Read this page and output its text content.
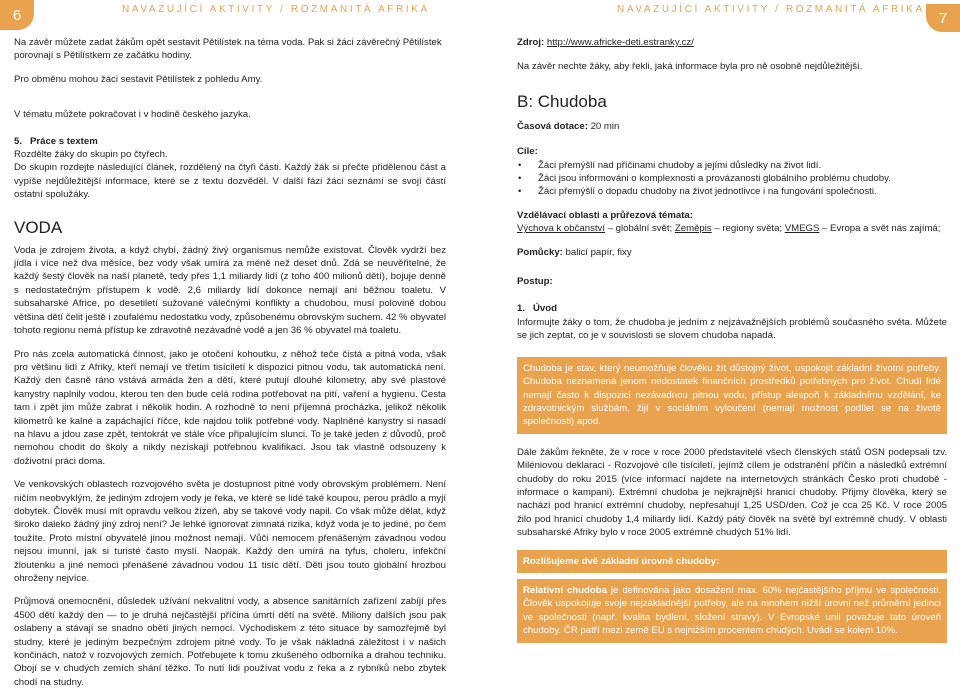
6	NAVAZUJÍCÍ AKTIVITY / ROZMANITÁ AFRIKA	NAVAZUJÍCÍ AKTIVITY / ROZMANITÁ AFRIKA 7
Na závěr můžete zadat žákům opět sestavit Pětilístek na téma voda. Pak si žáci závěrečný Pětilístek porovnají s Pětilístkem ze začátku hodiny.
Pro obměnu mohou žáci sestavit Pětilístek z pohledu Amy.
V tématu můžete pokračovat i v hodině českého jazyka.
5.   Práce s textem
Rozdělte žáky do skupin po čtyřech.
Do skupin rozdejte následující článek, rozdělený na čtyři části. Každý žák si přečte přidělenou část a vypíše nejdůležitější informace, které se z textu dozvěděl. V další fázi žáci seznámí se svojí částí ostatní spolužáky.
VODA
Voda je zdrojem života, a když chybí, žádný živý organismus nemůže existovat. Člověk vydrží bez jídla i více než dva měsíce, bez vody však umírá za méně než deset dnů. Zdá se neuvěřitelné, že každý šestý člověk na naší planetě, tedy přes 1,1 miliardy lidí (z toho 400 milionů dětí), bojuje denně s nedostatečným přístupem k vodě. 2,6 miliardy lidí dokonce nemají ani běžnou toaletu. V subsaharské Africe, po desetiletí sužované válečnými konflikty a chudobou, musí polovině dobou většina dětí čelit ještě i zoufalému nedostatku vody, způsobenému obrovským suchem. 42 % obyvatel tohoto regionu nemá přístup ke zdravotně nezávadné vodě a jen 36 % obyvatel má toaletu.
Pro nás zcela automatická činnost, jako je otočení kohoutku, z něhož teče čistá a pitná voda, však pro většinu lidí z Afriky, kteří nemají ve třetím tisíciletí k dispozici pitnou vodu, tak automatická není. Každý den časně ráno vstává armáda žen a dětí, které putují dlouhé kilometry, aby své plastové kanystry naplnily vodou, kterou ten den bude celá rodina potřebovat na pití, vaření a hygienu. Cesta tam i zpět jim může zabrat i několik hodin. A rozhodně to není příjemná procházka, jelikož několik kilometrů ke kalné a zapáchající říčce, kde najdou tolik potřebné vody. Naplněné kanystry si nasadí na hlavu a jdou zase zpět, tentokrát ve stále více připalujícím slunci. To je také jeden z důvodů, proč nemohou chodit do školy a nikdy nezískají potřebnou kvalifikaci. Jsou tak vlastně odsouzeny k doživotní práci doma.
Ve venkovských oblastech rozvojového světa je dostupnost pitné vody obrovským problémem. Není ničím neobvyklým, že jediným zdrojem vody je řeka, ve které se lidé také koupou, perou prádlo a myjí dobytek. Člověk musí mít opravdu velkou žízeň, aby se takové vody napil. Co však může dělat, když široko daleko žádný jiný zdroj není? Je lehké ignorovat zimnatá rizika, když voda je to jediné, po čem toužíte. Proto místní obyvatelé jinou možnost nemají. Vůči nemocem přenášeným závadnou vodou nejsou imunní, jak si turisté často myslí. Naopak. Každý den umírá na tyfus, choleru, infekční žloutenku a jiné nemoci přenášené závadnou vodou 11 tisíc dětí. Děti jsou touto globální hrozbou ohroženy nejvíce.
Průjmová onemocnění, důsledek užívání nekvalitní vody, a absence sanitárních zařízení zabíjí přes 4500 dětí každý den — to je druhá nejčastější příčina úmrtí dětí na světě. Miliony dalších jsou pak oslabeny a stávají se snadno obětí jiných nemocí. Východiskem z této situace by samozřejmě byl studny, které je jediným bezpečným zdrojem pitné vody. To je však nákladná záležitost i v našich končinách, natož v rozvojových zemích. Potřebujete k tomu zkušeného odborníka a drahou techniku. Obojí se v chudých zemích shání těžko. To nutí lidi používat vodu z řeka a z rybníků nebo zbytek chodí na studny.
Zdroj: http://www.africke-deti.estranky.cz/
Na závěr nechte žáky, aby řekli, jaká informace byla pro ně osobně nejdůležitější.
B: Chudoba
Časová dotace: 20 min
Cíle:
• Žáci přemýšlí nad příčinami chudoby a jejími důsledky na život lidí.
• Žáci jsou informováni o komplexnosti a provázanosti globálního problému chudoby.
• Žáci přemýšlí o dopadu chudoby na život jednotlivce i na fungování společnosti.
Vzdělávací oblasti a průřezová témata:
Výchova k občanství – globální svět; Zeměpis – regiony světa; VMEGS – Evropa a svět nás zajímá;
Pomůcky: balicí papír, fixy
Postup:
1.   Úvod
Informujte žáky o tom, že chudoba je jedním z nejzávažnějších problémů současného světa. Můžete se jich zeptat, co je v souvislosti se slovem chudoba napadá.
Chudoba je stav, který neumožňuje člověku žít důstojný život, uspokojit základní životní potřeby. Chudoba neznamená jenom nedostatek finančních prostředků potřebných pro život. Chudí lidé nemají často k dispozici nezávadnou pitnou vodu, přístup alespoň k základnímu vzdělání, ke zdravotnickým službám, žijí v sociálním vyloučení (nemají možnost podílet se na životě společnosti) apod.
Dále žákům řekněte, že v roce v roce 2000 představitelé všech členských států OSN podepsali tzv. Miléniovou deklaraci - Rozvojové cíle tisíciletí, jejímž cílem je odstranění příčin a následků extrémní chudoby do roku 2015 (více informací najdete na internetových stránkách Česko proti chudobě - informace o kampani). Extrémní chudoba je nejkrajnější hranicí chudoby. Přijmy člověka, který se nachází pod hranicí extrémní chudoby, nepřesahují 1,25 USD/den. Což je cca 25 Kč. V roce 2005 žilo pod hranicí chudoby 1,4 miliardy lidí. Každý pátý člověk na světě byl extrémně chudý. V oblasti subsaharské Afriky bylo v roce 2005 extrémně chudých 51% lidí.
Rozlišujeme dvě základní úrovně chudoby:
Relativní chudoba je definována jako dosažení max. 60% nejčastějšího příjmu ve společnosti. Člověk uspokojuje svoje nejzákladnější potřeby, ale na mnohem nižší úrovni než průměrní jedinci ve společnosti (např. kvalita bydlení, složení stravy). V Evropské unii považuje tato úroveň chudoby. ČR patří mezi země EU s nejnižším procentem chudých. Uvádí se kolem 10%.
